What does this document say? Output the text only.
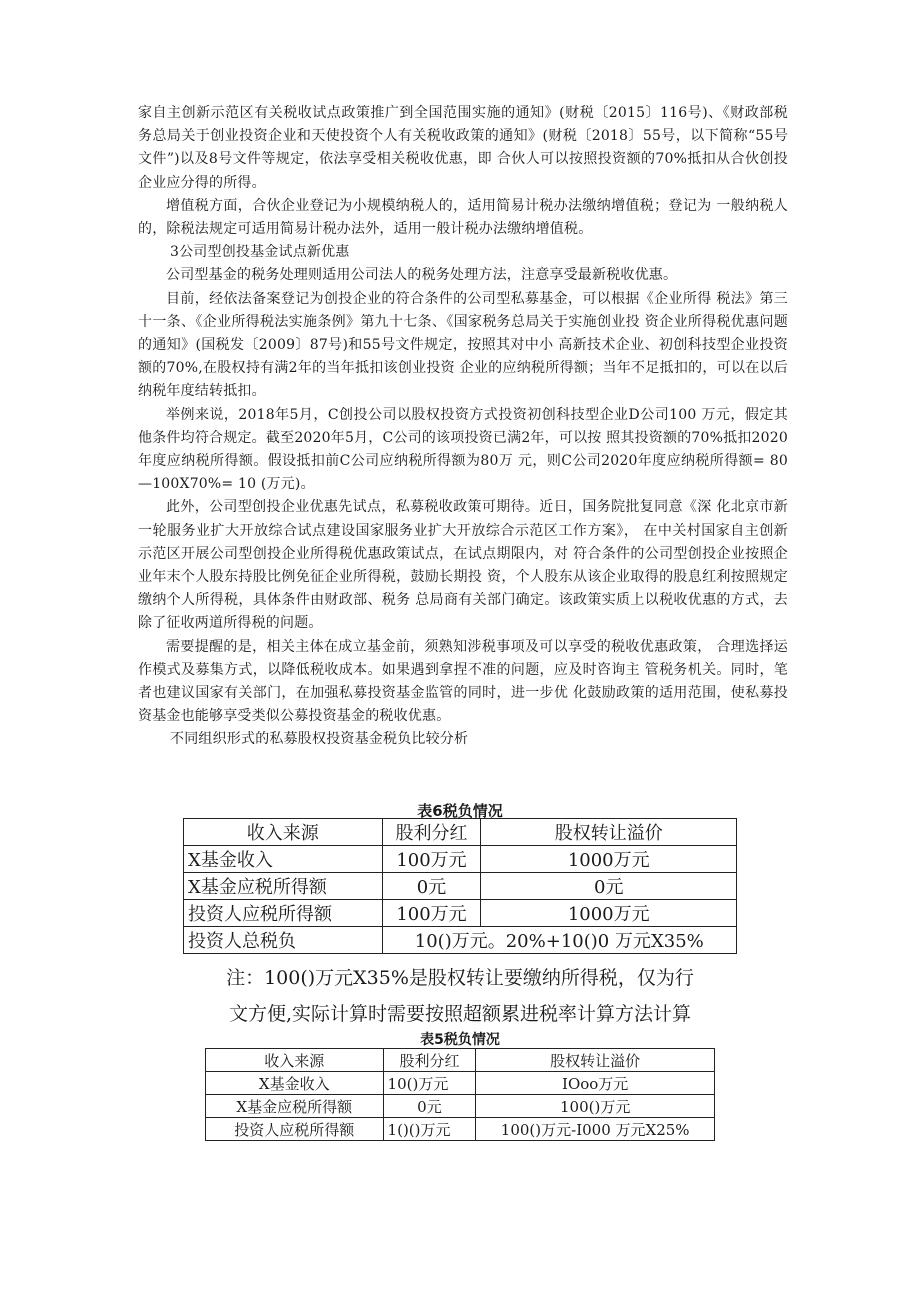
家自主创新示范区有关税收试点政策推广到全国范围实施的通知》(财税〔2015〕116号)、《财政部税务总局关于创业投资企业和天使投资个人有关税收政策的通知》(财税〔2018〕55号，以下简称“55号文件”)以及8号文件等规定，依法享受相关税收优惠，即 合伙人可以按照投资额的70%抵扣从合伙创投企业应分得的所得。

增值税方面，合伙企业登记为小规模纳税人的，适用简易计税办法缴纳增值税；登记为 一般纳税人的，除税法规定可适用简易计税办法外，适用一般计税办法缴纳增值税。

3公司型创投基金试点新优惠

公司型基金的税务处理则适用公司法人的税务处理方法，注意享受最新税收优惠。

目前，经依法备案登记为创投企业的符合条件的公司型私募基金，可以根据《企业所得 税法》第三十一条、《企业所得税法实施条例》第九十七条、《国家税务总局关于实施创业投 资企业所得税优惠问题的通知》(国税发〔2009〕87号)和55号文件规定，按照其对中小 高新技术企业、初创科技型企业投资额的70%,在股权持有满2年的当年抵扣该创业投资 企业的应纳税所得额；当年不足抵扣的，可以在以后纳税年度结转抵扣。

举例来说，2018年5月，C创投公司以股权投资方式投资初创科技型企业D公司100 万元，假定其他条件均符合规定。截至2020年5月，C公司的该项投资已满2年，可以按 照其投资额的70%抵扣2020年度应纳税所得额。假设抵扣前C公司应纳税所得额为80万 元，则C公司2020年度应纳税所得额= 80—100X70%= 10 (万元)。

此外，公司型创投企业优惠先试点，私募税收政策可期待。近日，国务院批复同意《深 化北京市新一轮服务业扩大开放综合试点建设国家服务业扩大开放综合示范区工作方案》， 在中关村国家自主创新示范区开展公司型创投企业所得税优惠政策试点，在试点期限内，对 符合条件的公司型创投企业按照企业年末个人股东持股比例免征企业所得税，鼓励长期投 资，个人股东从该企业取得的股息红利按照规定缴纳个人所得税，具体条件由财政部、税务 总局商有关部门确定。该政策实质上以税收优惠的方式，去除了征收两道所得税的问题。

需要提醒的是，相关主体在成立基金前，须熟知涉税事项及可以享受的税收优惠政策， 合理选择运作模式及募集方式，以降低税收成本。如果遇到拿捏不准的问题，应及时咨询主 管税务机关。同时，笔者也建议国家有关部门，在加强私募投资基金监管的同时，进一步优 化鼓励政策的适用范围，使私募投资基金也能够享受类似公募投资基金的税收优惠。

不同组织形式的私募股权投资基金税负比较分析

表6税负情况
收入来源	股利分红	股权转让溢价
X基金收入	100万元	1000万元
X基金应税所得额	0元	0元
投资人应税所得额	100万元	1000万元
投资人总税负	10()万元。20%+10()0 万元X35%	
注：100()万元X35%是股权转让要缴纳所得税，仅为行
文方便,实际计算时需要按照超额累进税率计算方法计算
表5税负情况
收入来源	股利分红	股权转让溢价
X基金收入	10()万元	IOoo万元
X基金应税所得额	0元	100()万元
投资人应税所得额	1()()万元	100()万元-I000 万元X25%
